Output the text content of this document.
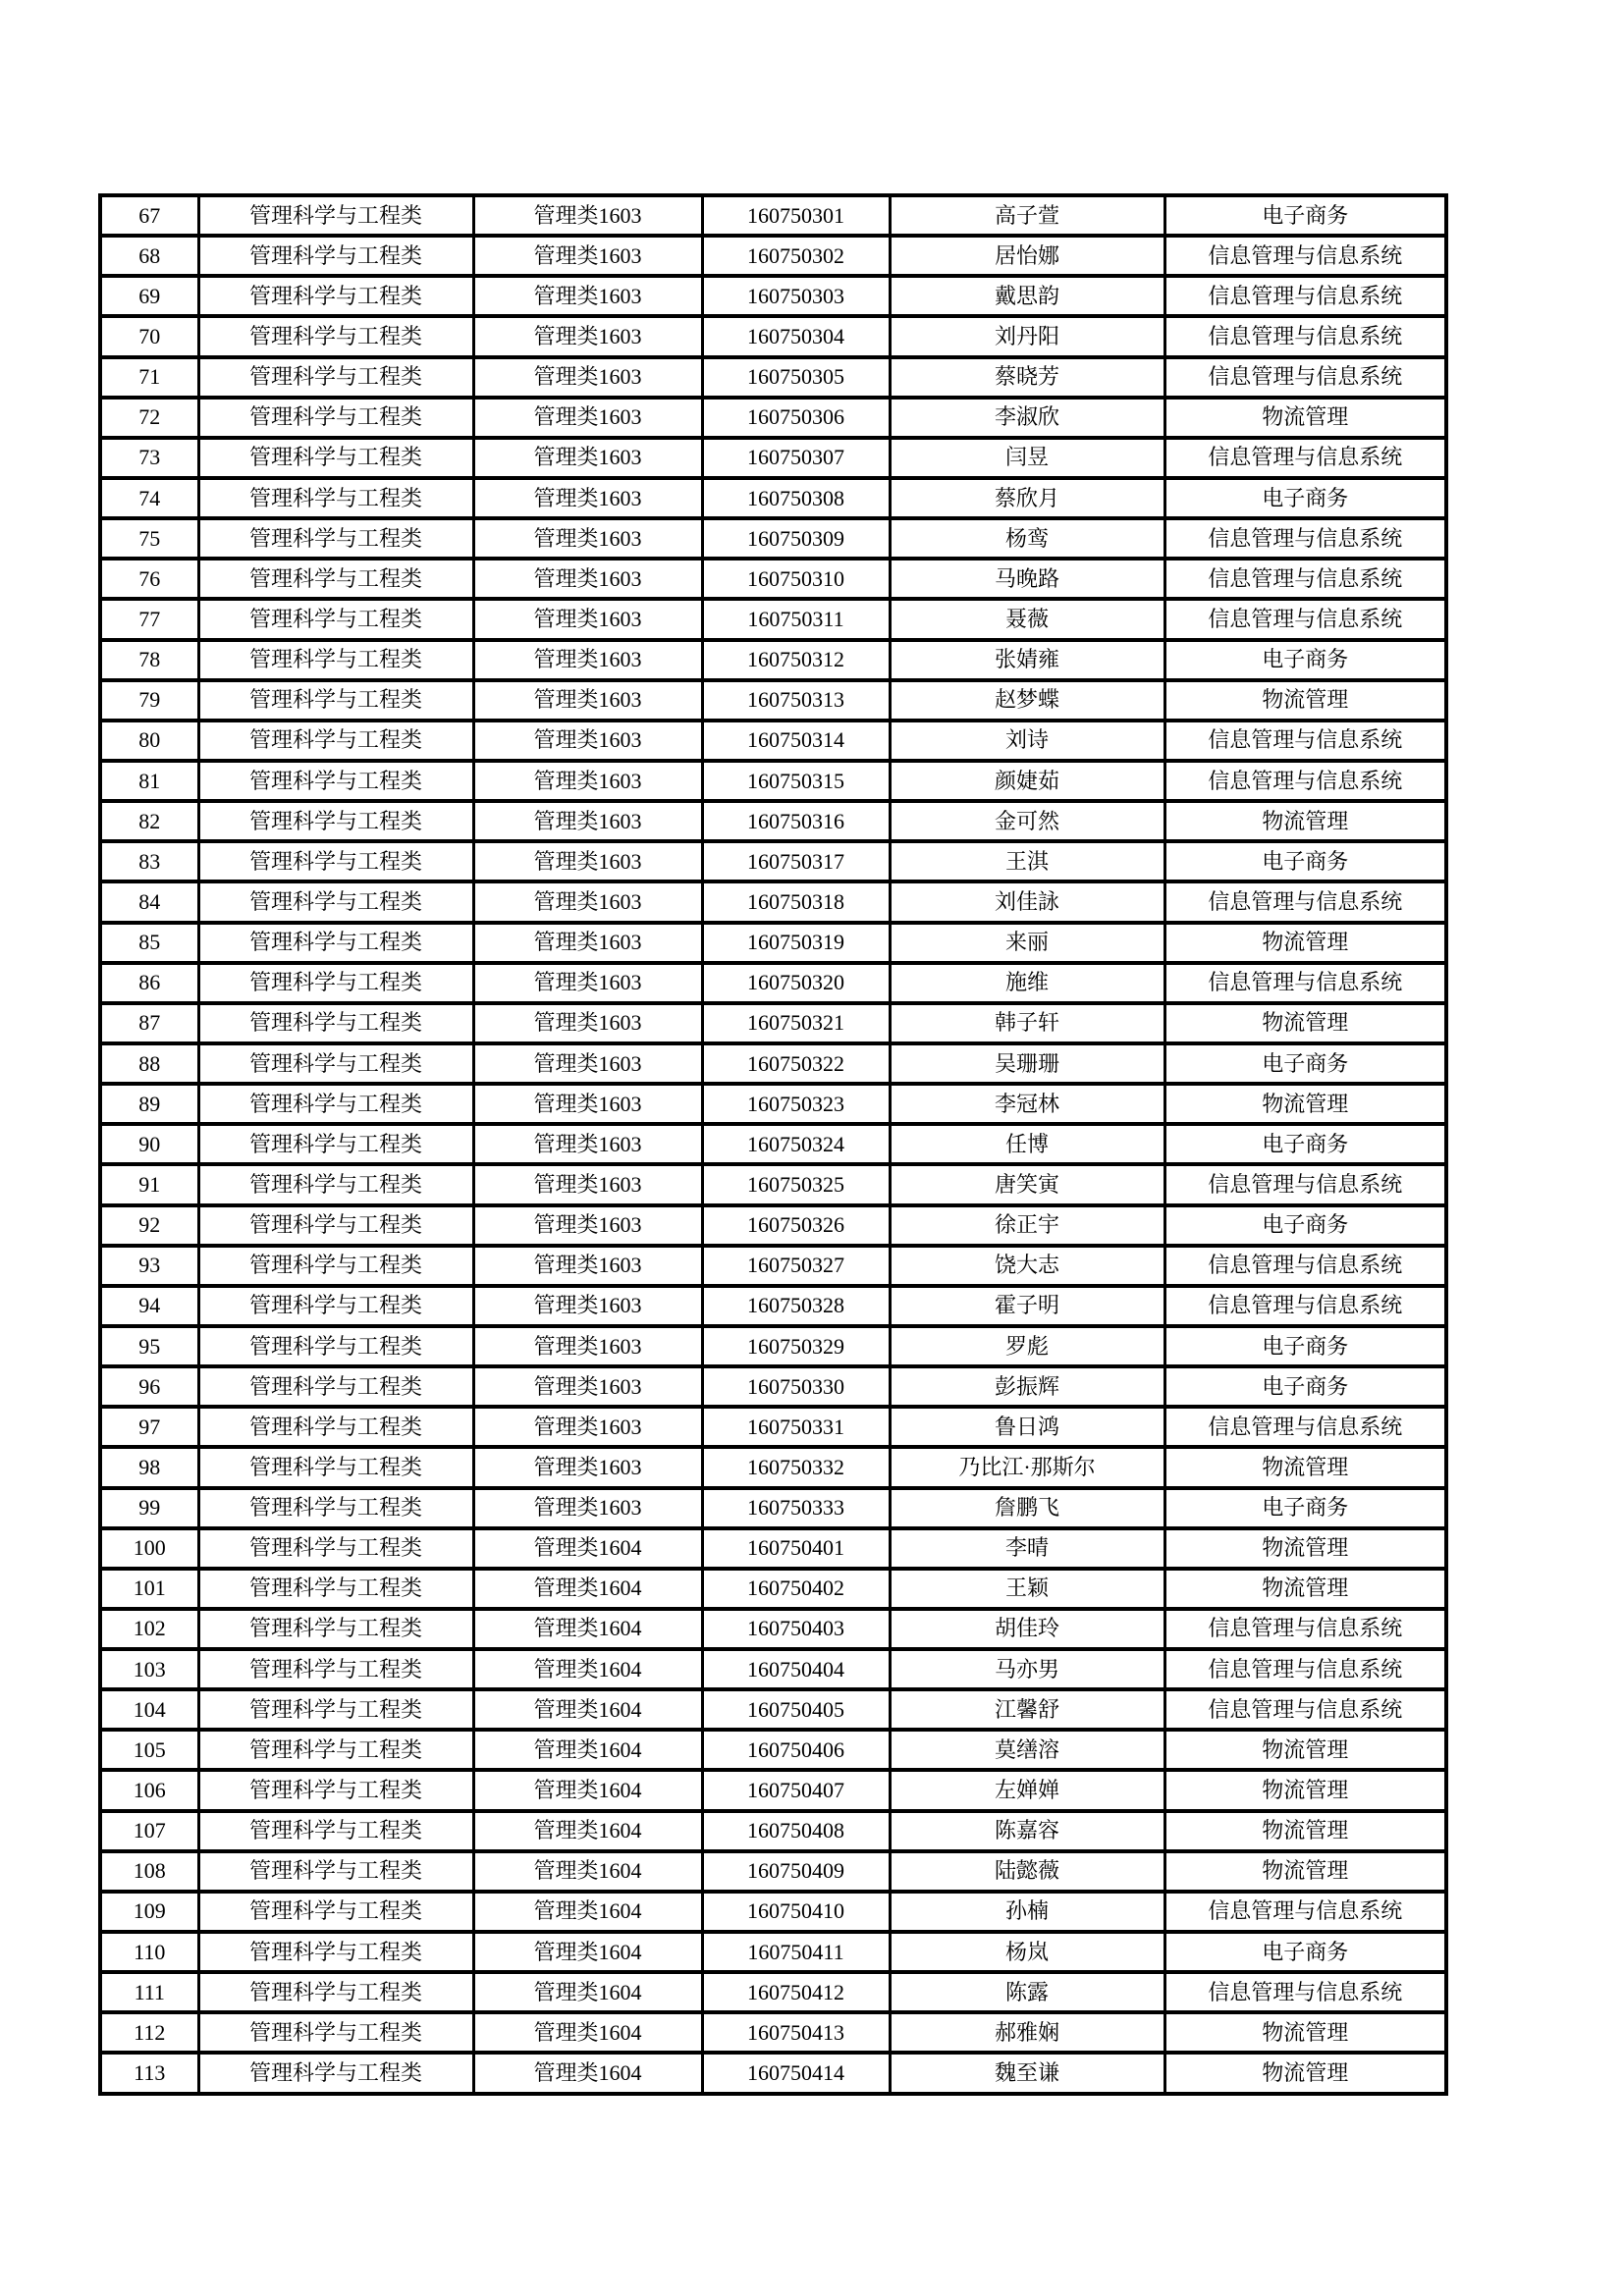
67	管理科学与工程类	管理类1603	160750301	高子萱	电子商务
68	管理科学与工程类	管理类1603	160750302	居怡娜	信息管理与信息系统
69	管理科学与工程类	管理类1603	160750303	戴思韵	信息管理与信息系统
70	管理科学与工程类	管理类1603	160750304	刘丹阳	信息管理与信息系统
71	管理科学与工程类	管理类1603	160750305	蔡晓芳	信息管理与信息系统
72	管理科学与工程类	管理类1603	160750306	李淑欣	物流管理
73	管理科学与工程类	管理类1603	160750307	闫昱	信息管理与信息系统
74	管理科学与工程类	管理类1603	160750308	蔡欣月	电子商务
75	管理科学与工程类	管理类1603	160750309	杨鸾	信息管理与信息系统
76	管理科学与工程类	管理类1603	160750310	马晚路	信息管理与信息系统
77	管理科学与工程类	管理类1603	160750311	聂薇	信息管理与信息系统
78	管理科学与工程类	管理类1603	160750312	张婧雍	电子商务
79	管理科学与工程类	管理类1603	160750313	赵梦蝶	物流管理
80	管理科学与工程类	管理类1603	160750314	刘诗	信息管理与信息系统
81	管理科学与工程类	管理类1603	160750315	颜婕茹	信息管理与信息系统
82	管理科学与工程类	管理类1603	160750316	金可然	物流管理
83	管理科学与工程类	管理类1603	160750317	王淇	电子商务
84	管理科学与工程类	管理类1603	160750318	刘佳詠	信息管理与信息系统
85	管理科学与工程类	管理类1603	160750319	来丽	物流管理
86	管理科学与工程类	管理类1603	160750320	施维	信息管理与信息系统
87	管理科学与工程类	管理类1603	160750321	韩子轩	物流管理
88	管理科学与工程类	管理类1603	160750322	吴珊珊	电子商务
89	管理科学与工程类	管理类1603	160750323	李冠林	物流管理
90	管理科学与工程类	管理类1603	160750324	任博	电子商务
91	管理科学与工程类	管理类1603	160750325	唐笑寅	信息管理与信息系统
92	管理科学与工程类	管理类1603	160750326	徐正宇	电子商务
93	管理科学与工程类	管理类1603	160750327	饶大志	信息管理与信息系统
94	管理科学与工程类	管理类1603	160750328	霍子明	信息管理与信息系统
95	管理科学与工程类	管理类1603	160750329	罗彪	电子商务
96	管理科学与工程类	管理类1603	160750330	彭振辉	电子商务
97	管理科学与工程类	管理类1603	160750331	鲁日鸿	信息管理与信息系统
98	管理科学与工程类	管理类1603	160750332	乃比江·那斯尔	物流管理
99	管理科学与工程类	管理类1603	160750333	詹鹏飞	电子商务
100	管理科学与工程类	管理类1604	160750401	李晴	物流管理
101	管理科学与工程类	管理类1604	160750402	王颖	物流管理
102	管理科学与工程类	管理类1604	160750403	胡佳玲	信息管理与信息系统
103	管理科学与工程类	管理类1604	160750404	马亦男	信息管理与信息系统
104	管理科学与工程类	管理类1604	160750405	江馨舒	信息管理与信息系统
105	管理科学与工程类	管理类1604	160750406	莫缮溶	物流管理
106	管理科学与工程类	管理类1604	160750407	左婵婵	物流管理
107	管理科学与工程类	管理类1604	160750408	陈嘉容	物流管理
108	管理科学与工程类	管理类1604	160750409	陆懿薇	物流管理
109	管理科学与工程类	管理类1604	160750410	孙楠	信息管理与信息系统
110	管理科学与工程类	管理类1604	160750411	杨岚	电子商务
111	管理科学与工程类	管理类1604	160750412	陈露	信息管理与信息系统
112	管理科学与工程类	管理类1604	160750413	郝雅娴	物流管理
113	管理科学与工程类	管理类1604	160750414	魏至谦	物流管理
